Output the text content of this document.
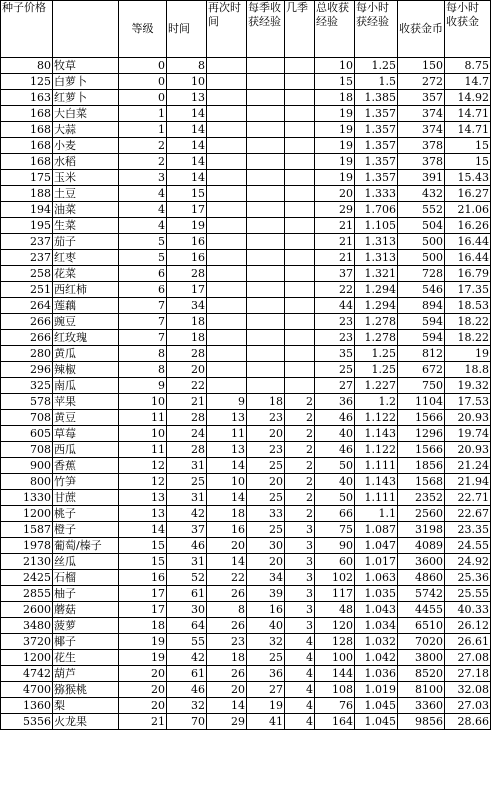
种子价格		等级	时间	再次时间	每季收获经验	几季	总收获经验	每小时获经验	收获金币	每小时收获金
80	牧草	0	8				10	1.25	150	8.75
125	白萝卜	0	10				15	1.5	272	14.7
163	红萝卜	0	13				18	1.385	357	14.92
168	大白菜	1	14				19	1.357	374	14.71
168	大蒜	1	14				19	1.357	374	14.71
168	小麦	2	14				19	1.357	378	15
168	水稻	2	14				19	1.357	378	15
175	玉米	3	14				19	1.357	391	15.43
188	土豆	4	15				20	1.333	432	16.27
194	油菜	4	17				29	1.706	552	21.06
195	生菜	4	19				21	1.105	504	16.26
237	茄子	5	16				21	1.313	500	16.44
237	红枣	5	16				21	1.313	500	16.44
258	花菜	6	28				37	1.321	728	16.79
251	西红柿	6	17				22	1.294	546	17.35
264	莲藕	7	34				44	1.294	894	18.53
266	豌豆	7	18				23	1.278	594	18.22
266	红玫瑰	7	18				23	1.278	594	18.22
280	黄瓜	8	28				35	1.25	812	19
296	辣椒	8	20				25	1.25	672	18.8
325	南瓜	9	22				27	1.227	750	19.32
578	苹果	10	21	9	18	2	36	1.2	1104	17.53
708	黄豆	11	28	13	23	2	46	1.122	1566	20.93
605	草莓	10	24	11	20	2	40	1.143	1296	19.74
708	西瓜	11	28	13	23	2	46	1.122	1566	20.93
900	香蕉	12	31	14	25	2	50	1.111	1856	21.24
800	竹笋	12	25	10	20	2	40	1.143	1568	21.94
1330	甘蔗	13	31	14	25	2	50	1.111	2352	22.71
1200	桃子	13	42	18	33	2	66	1.1	2560	22.67
1587	橙子	14	37	16	25	3	75	1.087	3198	23.35
1978	葡萄/榛子	15	46	20	30	3	90	1.047	4089	24.55
2130	丝瓜	15	31	14	20	3	60	1.017	3600	24.92
2425	石榴	16	52	22	34	3	102	1.063	4860	25.36
2855	柚子	17	61	26	39	3	117	1.035	5742	25.55
2600	蘑菇	17	30	8	16	3	48	1.043	4455	40.33
3480	菠萝	18	64	26	40	3	120	1.034	6510	26.12
3720	椰子	19	55	23	32	4	128	1.032	7020	26.61
1200	花生	19	42	18	25	4	100	1.042	3800	27.08
4742	葫芦	20	61	26	36	4	144	1.036	8520	27.18
4700	猕猴桃	20	46	20	27	4	108	1.019	8100	32.08
1360	梨	20	32	14	19	4	76	1.045	3360	27.03
5356	火龙果	21	70	29	41	4	164	1.045	9856	28.66
